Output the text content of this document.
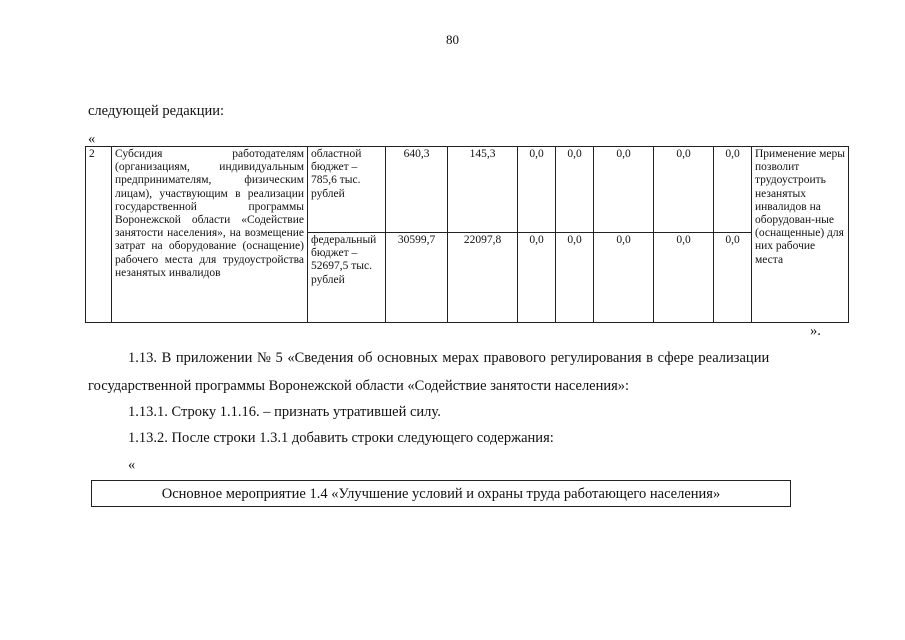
80
следующей редакции:
«
2	Субсидия работодателям (организациям, индивидуальным предпринимателям, физическим лицам), участвующим в реализации государственной программы Воронежской области «Содействие занятости населения», на возмещение затрат на оборудование (оснащение) рабочего места для трудоустройства незанятых инвалидов	областной бюджет – 785,6 тыс. рублей	640,3	145,3	0,0	0,0	0,0	0,0	0,0	Применение меры позволит трудоустроить незанятых инвалидов на оборудован-ные (оснащенные) для них рабочие места
		федеральный бюджет – 52697,5 тыс. рублей	30599,7	22097,8	0,0	0,0	0,0	0,0	0,0	
».
1.13. В приложении № 5 «Сведения об основных мерах правового регулирования в сфере реализации
государственной программы Воронежской области «Содействие занятости населения»:
1.13.1. Строку 1.1.16. – признать утратившей силу.
1.13.2. После строки 1.3.1 добавить строки следующего содержания:
«
Основное мероприятие 1.4 «Улучшение условий и охраны труда работающего населения»
